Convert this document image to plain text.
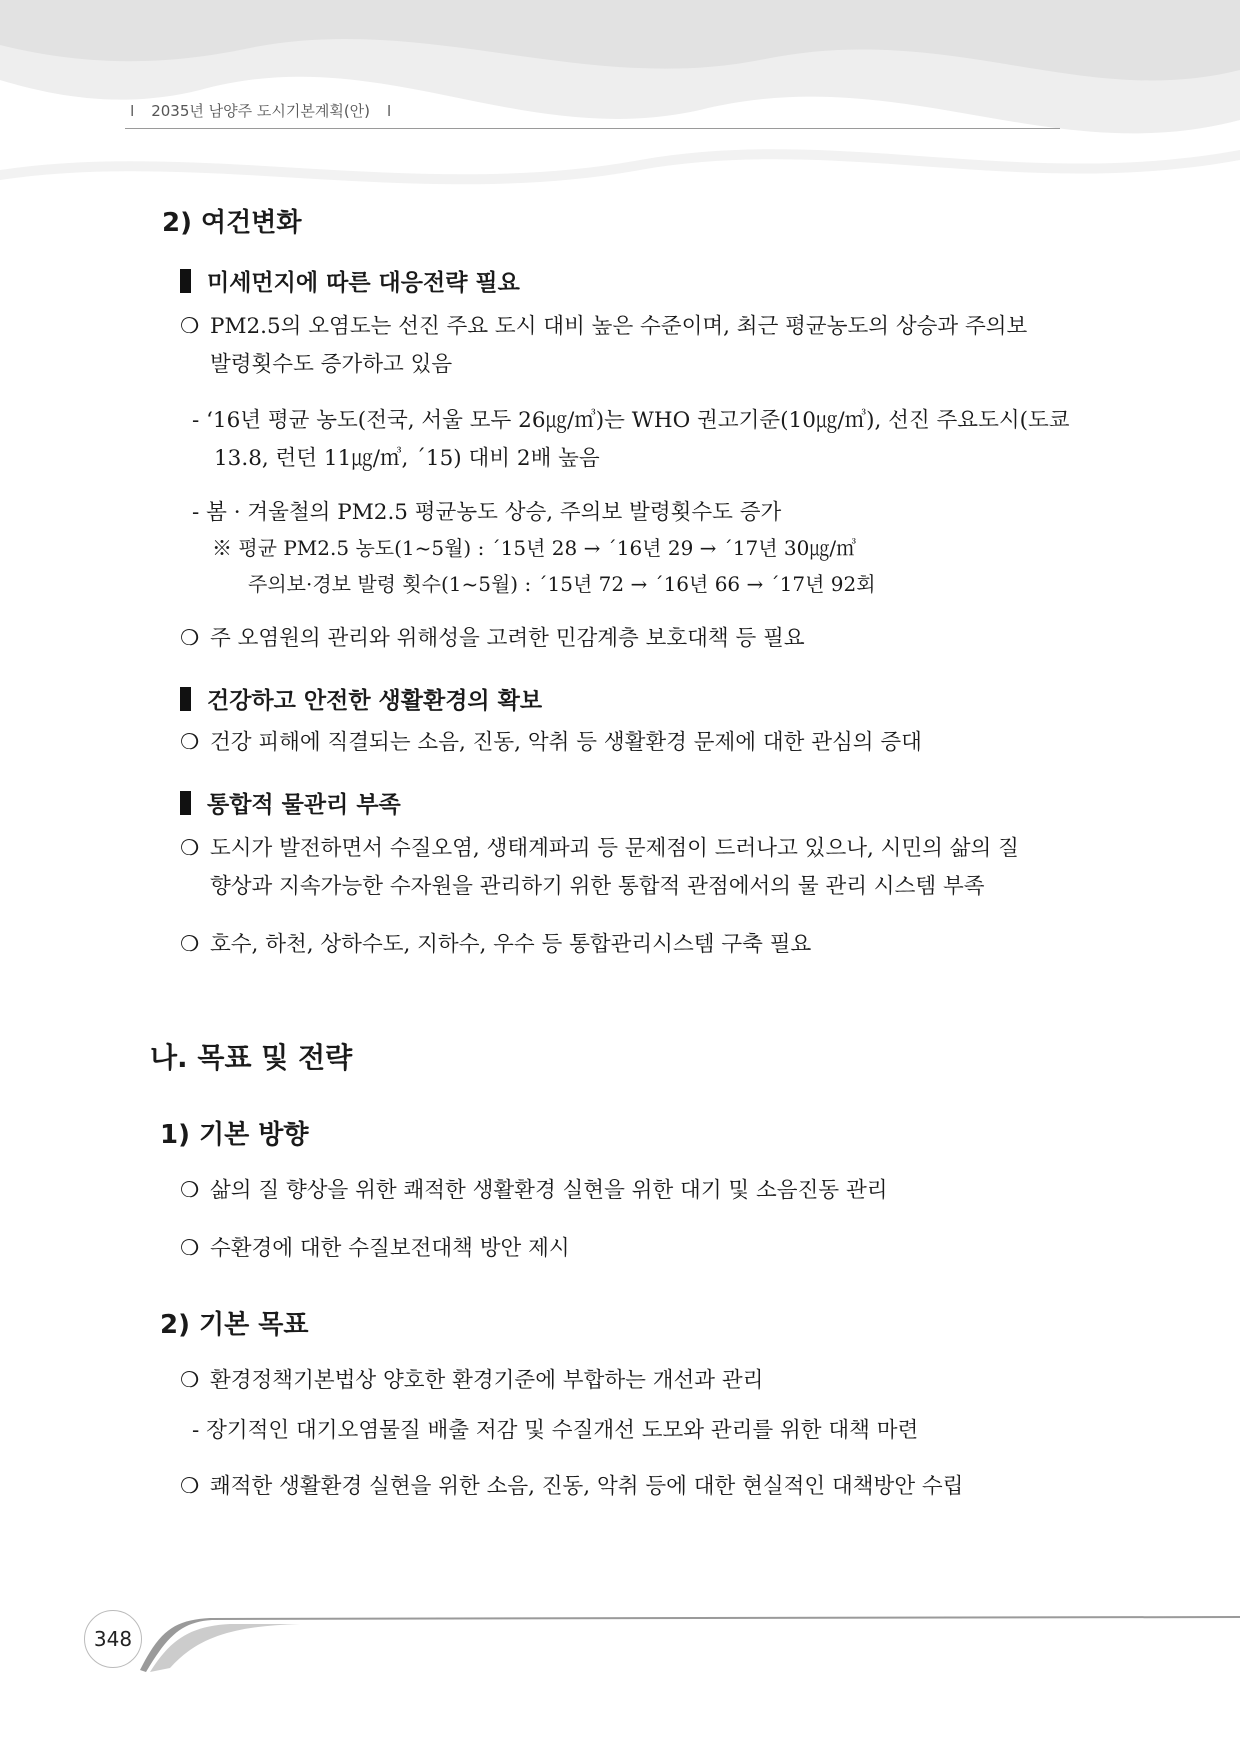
I 2035년 남양주 도시기본계획(안) I
2) 여건변화
미세먼지에 따른 대응전략 필요
❍ PM2.5의 오염도는 선진 주요 도시 대비 높은 수준이며, 최근 평균농도의 상승과 주의보
발령횟수도 증가하고 있음
- ‘16년 평균 농도(전국, 서울 모두 26㎍/㎥)는 WHO 권고기준(10㎍/㎥), 선진 주요도시(도쿄
13.8, 런던 11㎍/㎥, ´15) 대비 2배 높음
- 봄 · 겨울철의 PM2.5 평균농도 상승, 주의보 발령횟수도 증가
※ 평균 PM2.5 농도(1~5월) : ´15년 28 → ´16년 29 → ´17년 30㎍/㎥
주의보·경보 발령 횟수(1~5월) : ´15년 72 → ´16년 66 → ´17년 92회
❍ 주 오염원의 관리와 위해성을 고려한 민감계층 보호대책 등 필요
건강하고 안전한 생활환경의 확보
❍ 건강 피해에 직결되는 소음, 진동, 악취 등 생활환경 문제에 대한 관심의 증대
통합적 물관리 부족
❍ 도시가 발전하면서 수질오염, 생태계파괴 등 문제점이 드러나고 있으나, 시민의 삶의 질
향상과 지속가능한 수자원을 관리하기 위한 통합적 관점에서의 물 관리 시스템 부족
❍ 호수, 하천, 상하수도, 지하수, 우수 등 통합관리시스템 구축 필요
나. 목표 및 전략
1) 기본 방향
❍ 삶의 질 향상을 위한 쾌적한 생활환경 실현을 위한 대기 및 소음진동 관리
❍ 수환경에 대한 수질보전대책 방안 제시
2) 기본 목표
❍ 환경정책기본법상 양호한 환경기준에 부합하는 개선과 관리
- 장기적인 대기오염물질 배출 저감 및 수질개선 도모와 관리를 위한 대책 마련
❍ 쾌적한 생활환경 실현을 위한 소음, 진동, 악취 등에 대한 현실적인 대책방안 수립
348
